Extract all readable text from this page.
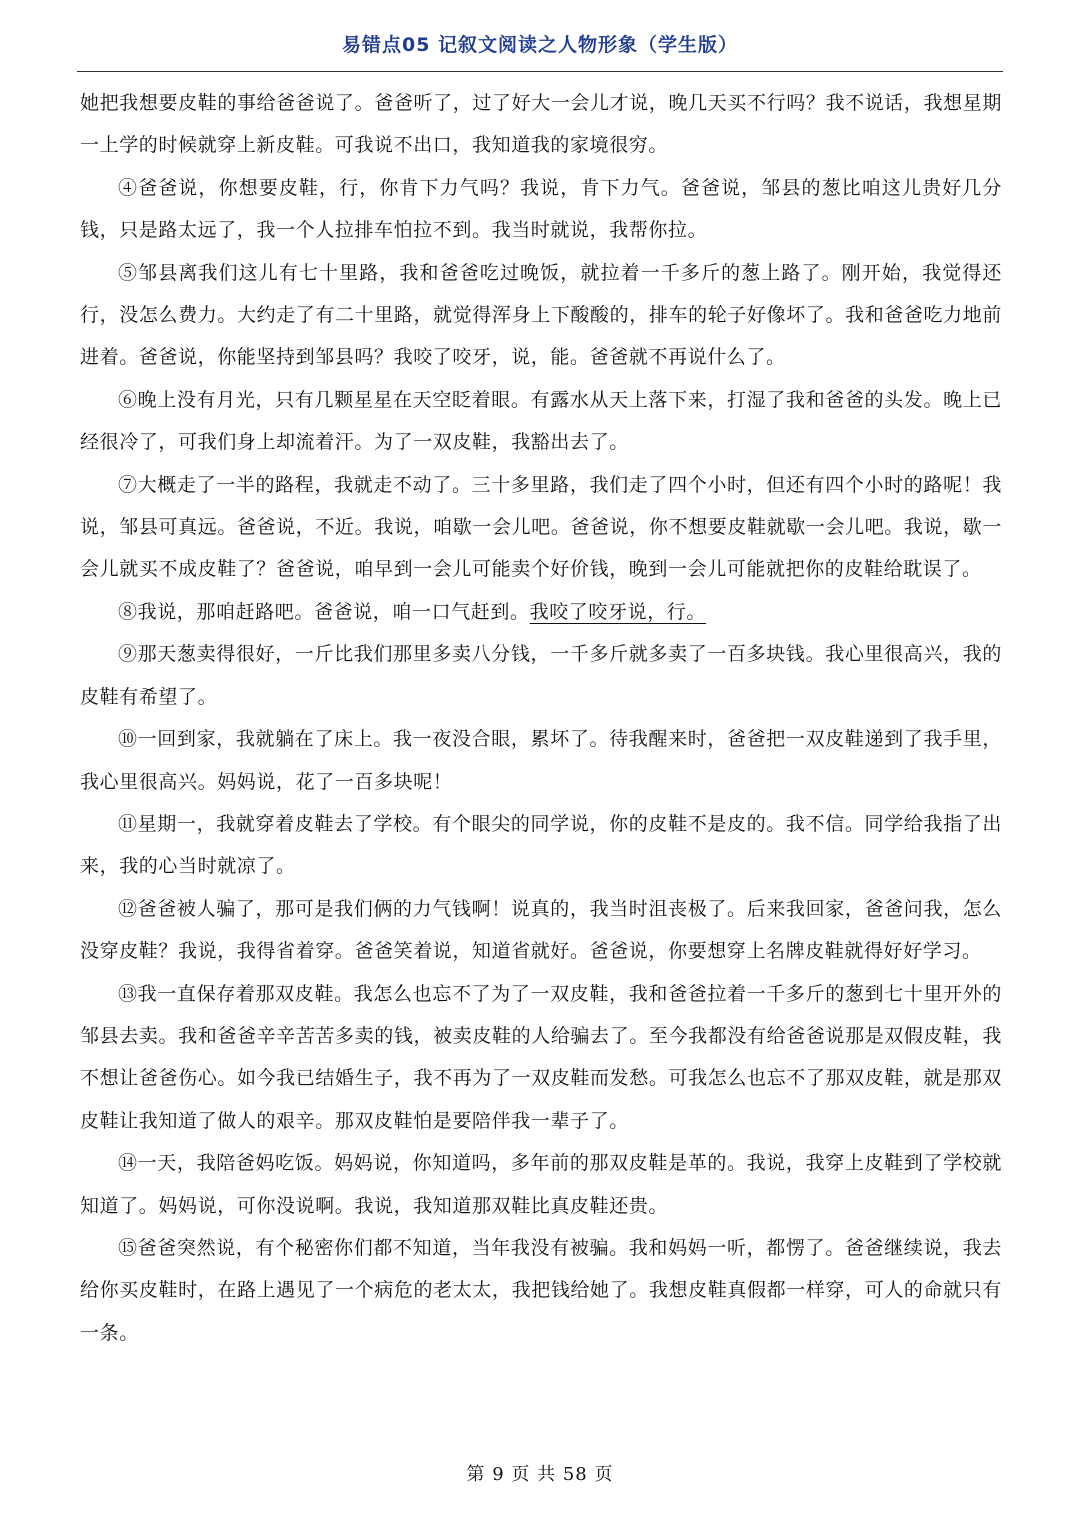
易错点05 记叙文阅读之人物形象（学生版）

她把我想要皮鞋的事给爸爸说了。爸爸听了，过了好大一会儿才说，晚几天买不行吗？我不说话，我想星期一上学的时候就穿上新皮鞋。可我说不出口，我知道我的家境很穷。

④爸爸说，你想要皮鞋，行，你肯下力气吗？我说，肯下力气。爸爸说，邹县的葱比咱这儿贵好几分钱，只是路太远了，我一个人拉排车怕拉不到。我当时就说，我帮你拉。

⑤邹县离我们这儿有七十里路，我和爸爸吃过晚饭，就拉着一千多斤的葱上路了。刚开始，我觉得还行，没怎么费力。大约走了有二十里路，就觉得浑身上下酸酸的，排车的轮子好像坏了。我和爸爸吃力地前进着。爸爸说，你能坚持到邹县吗？我咬了咬牙，说，能。爸爸就不再说什么了。

⑥晚上没有月光，只有几颗星星在天空眨着眼。有露水从天上落下来，打湿了我和爸爸的头发。晚上已经很冷了，可我们身上却流着汗。为了一双皮鞋，我豁出去了。

⑦大概走了一半的路程，我就走不动了。三十多里路，我们走了四个小时，但还有四个小时的路呢！我说，邹县可真远。爸爸说，不近。我说，咱歇一会儿吧。爸爸说，你不想要皮鞋就歇一会儿吧。我说，歇一会儿就买不成皮鞋了？爸爸说，咱早到一会儿可能卖个好价钱，晚到一会儿可能就把你的皮鞋给耽误了。

⑧我说，那咱赶路吧。爸爸说，咱一口气赶到。我咬了咬牙说，行。

⑨那天葱卖得很好，一斤比我们那里多卖八分钱，一千多斤就多卖了一百多块钱。我心里很高兴，我的皮鞋有希望了。

⑩一回到家，我就躺在了床上。我一夜没合眼，累坏了。待我醒来时，爸爸把一双皮鞋递到了我手里，我心里很高兴。妈妈说，花了一百多块呢！

⑪星期一，我就穿着皮鞋去了学校。有个眼尖的同学说，你的皮鞋不是皮的。我不信。同学给我指了出来，我的心当时就凉了。

⑫爸爸被人骗了，那可是我们俩的力气钱啊！说真的，我当时沮丧极了。后来我回家，爸爸问我，怎么没穿皮鞋？我说，我得省着穿。爸爸笑着说，知道省就好。爸爸说，你要想穿上名牌皮鞋就得好好学习。

⑬我一直保存着那双皮鞋。我怎么也忘不了为了一双皮鞋，我和爸爸拉着一千多斤的葱到七十里开外的邹县去卖。我和爸爸辛辛苦苦多卖的钱，被卖皮鞋的人给骗去了。至今我都没有给爸爸说那是双假皮鞋，我不想让爸爸伤心。如今我已结婚生子，我不再为了一双皮鞋而发愁。可我怎么也忘不了那双皮鞋，就是那双皮鞋让我知道了做人的艰辛。那双皮鞋怕是要陪伴我一辈子了。

⑭一天，我陪爸妈吃饭。妈妈说，你知道吗，多年前的那双皮鞋是革的。我说，我穿上皮鞋到了学校就知道了。妈妈说，可你没说啊。我说，我知道那双鞋比真皮鞋还贵。

⑮爸爸突然说，有个秘密你们都不知道，当年我没有被骗。我和妈妈一听，都愣了。爸爸继续说，我去给你买皮鞋时，在路上遇见了一个病危的老太太，我把钱给她了。我想皮鞋真假都一样穿，可人的命就只有一条。

第 9 页 共 58 页
